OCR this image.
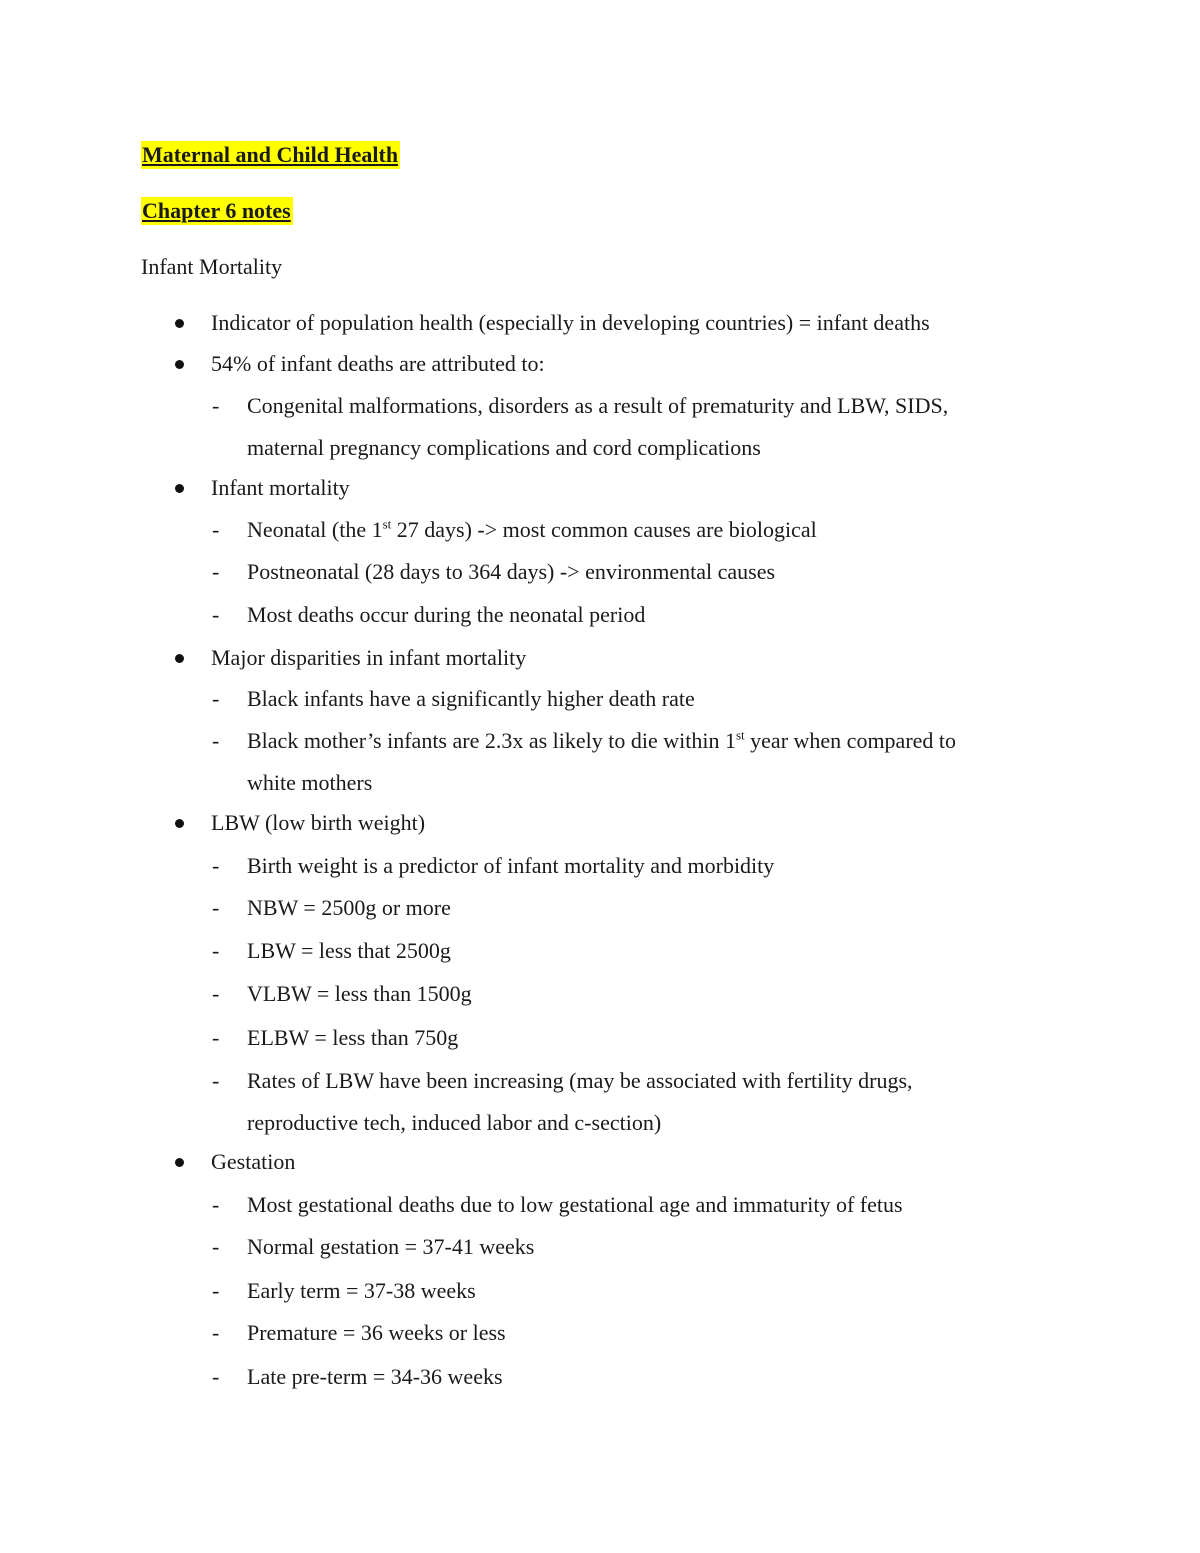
Maternal and Child Health
Chapter 6 notes
Infant Mortality
Indicator of population health (especially in developing countries) = infant deaths
54% of infant deaths are attributed to:
- Congenital malformations, disorders as a result of prematurity and LBW, SIDS,
maternal pregnancy complications and cord complications
Infant mortality
- Neonatal (the 1st 27 days) -> most common causes are biological
- Postneonatal (28 days to 364 days) -> environmental causes
- Most deaths occur during the neonatal period
Major disparities in infant mortality
- Black infants have a significantly higher death rate
- Black mother’s infants are 2.3x as likely to die within 1st year when compared to
white mothers
LBW (low birth weight)
- Birth weight is a predictor of infant mortality and morbidity
- NBW = 2500g or more
- LBW = less that 2500g
- VLBW = less than 1500g
- ELBW = less than 750g
- Rates of LBW have been increasing (may be associated with fertility drugs,
reproductive tech, induced labor and c-section)
Gestation
- Most gestational deaths due to low gestational age and immaturity of fetus
- Normal gestation = 37-41 weeks
- Early term = 37-38 weeks
- Premature = 36 weeks or less
- Late pre-term = 34-36 weeks
